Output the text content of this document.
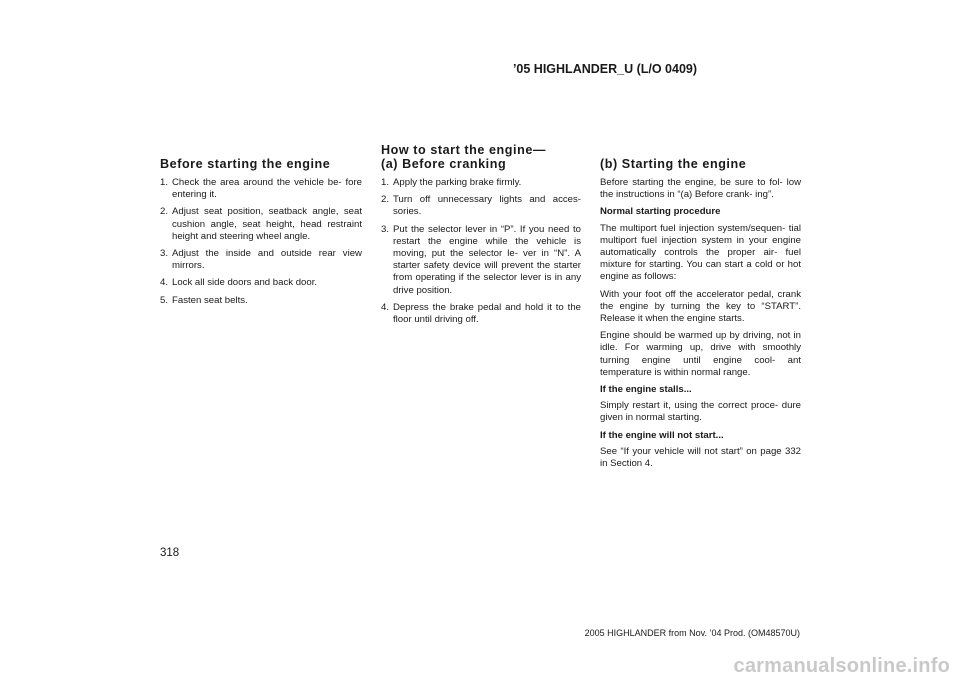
’05 HIGHLANDER_U (L/O 0409)
Before starting the engine
1. Check the area around the vehicle be- fore entering it.
2. Adjust seat position, seatback angle, seat cushion angle, seat height, head restraint height and steering wheel angle.
3. Adjust the inside and outside rear view mirrors.
4. Lock all side doors and back door.
5. Fasten seat belts.
How to start the engine—
(a) Before cranking
1. Apply the parking brake firmly.
2. Turn off unnecessary lights and acces- sories.
3. Put the selector lever in “P”. If you need to restart the engine while the vehicle is moving, put the selector le- ver in “N”. A starter safety device will prevent the starter from operating if the selector lever is in any drive position.
4. Depress the brake pedal and hold it to the floor until driving off.
(b) Starting the engine

Before starting the engine, be sure to fol- low the instructions in “(a) Before crank- ing”.

Normal starting procedure

The multiport fuel injection system/sequen- tial multiport fuel injection system in your engine automatically controls the proper air- fuel mixture for starting. You can start a cold or hot engine as follows:

With your foot off the accelerator pedal, crank the engine by turning the key to “START”. Release it when the engine starts.

Engine should be warmed up by driving, not in idle. For warming up, drive with smoothly turning engine until engine cool- ant temperature is within normal range.

If the engine stalls...

Simply restart it, using the correct proce- dure given in normal starting.

If the engine will not start...

See “If your vehicle will not start” on page 332 in Section 4.

318
2005 HIGHLANDER from Nov. ’04 Prod. (OM48570U)
carmanualsonline.info
